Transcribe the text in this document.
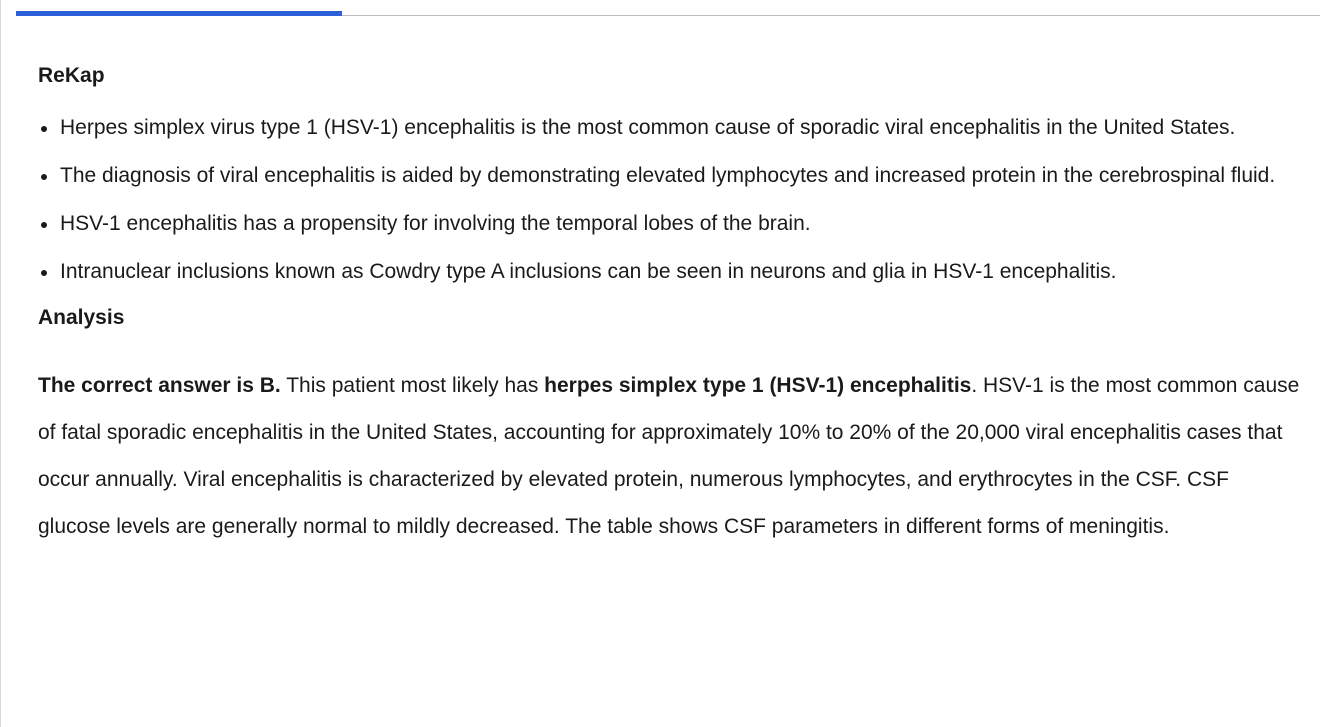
ReKap
Herpes simplex virus type 1 (HSV-1) encephalitis is the most common cause of sporadic viral encephalitis in the United States.
The diagnosis of viral encephalitis is aided by demonstrating elevated lymphocytes and increased protein in the cerebrospinal fluid.
HSV-1 encephalitis has a propensity for involving the temporal lobes of the brain.
Intranuclear inclusions known as Cowdry type A inclusions can be seen in neurons and glia in HSV-1 encephalitis.
Analysis

The correct answer is B. This patient most likely has herpes simplex type 1 (HSV-1) encephalitis. HSV-1 is the most common cause of fatal sporadic encephalitis in the United States, accounting for approximately 10% to 20% of the 20,000 viral encephalitis cases that occur annually. Viral encephalitis is characterized by elevated protein, numerous lymphocytes, and erythrocytes in the CSF. CSF glucose levels are generally normal to mildly decreased. The table shows CSF parameters in different forms of meningitis.
